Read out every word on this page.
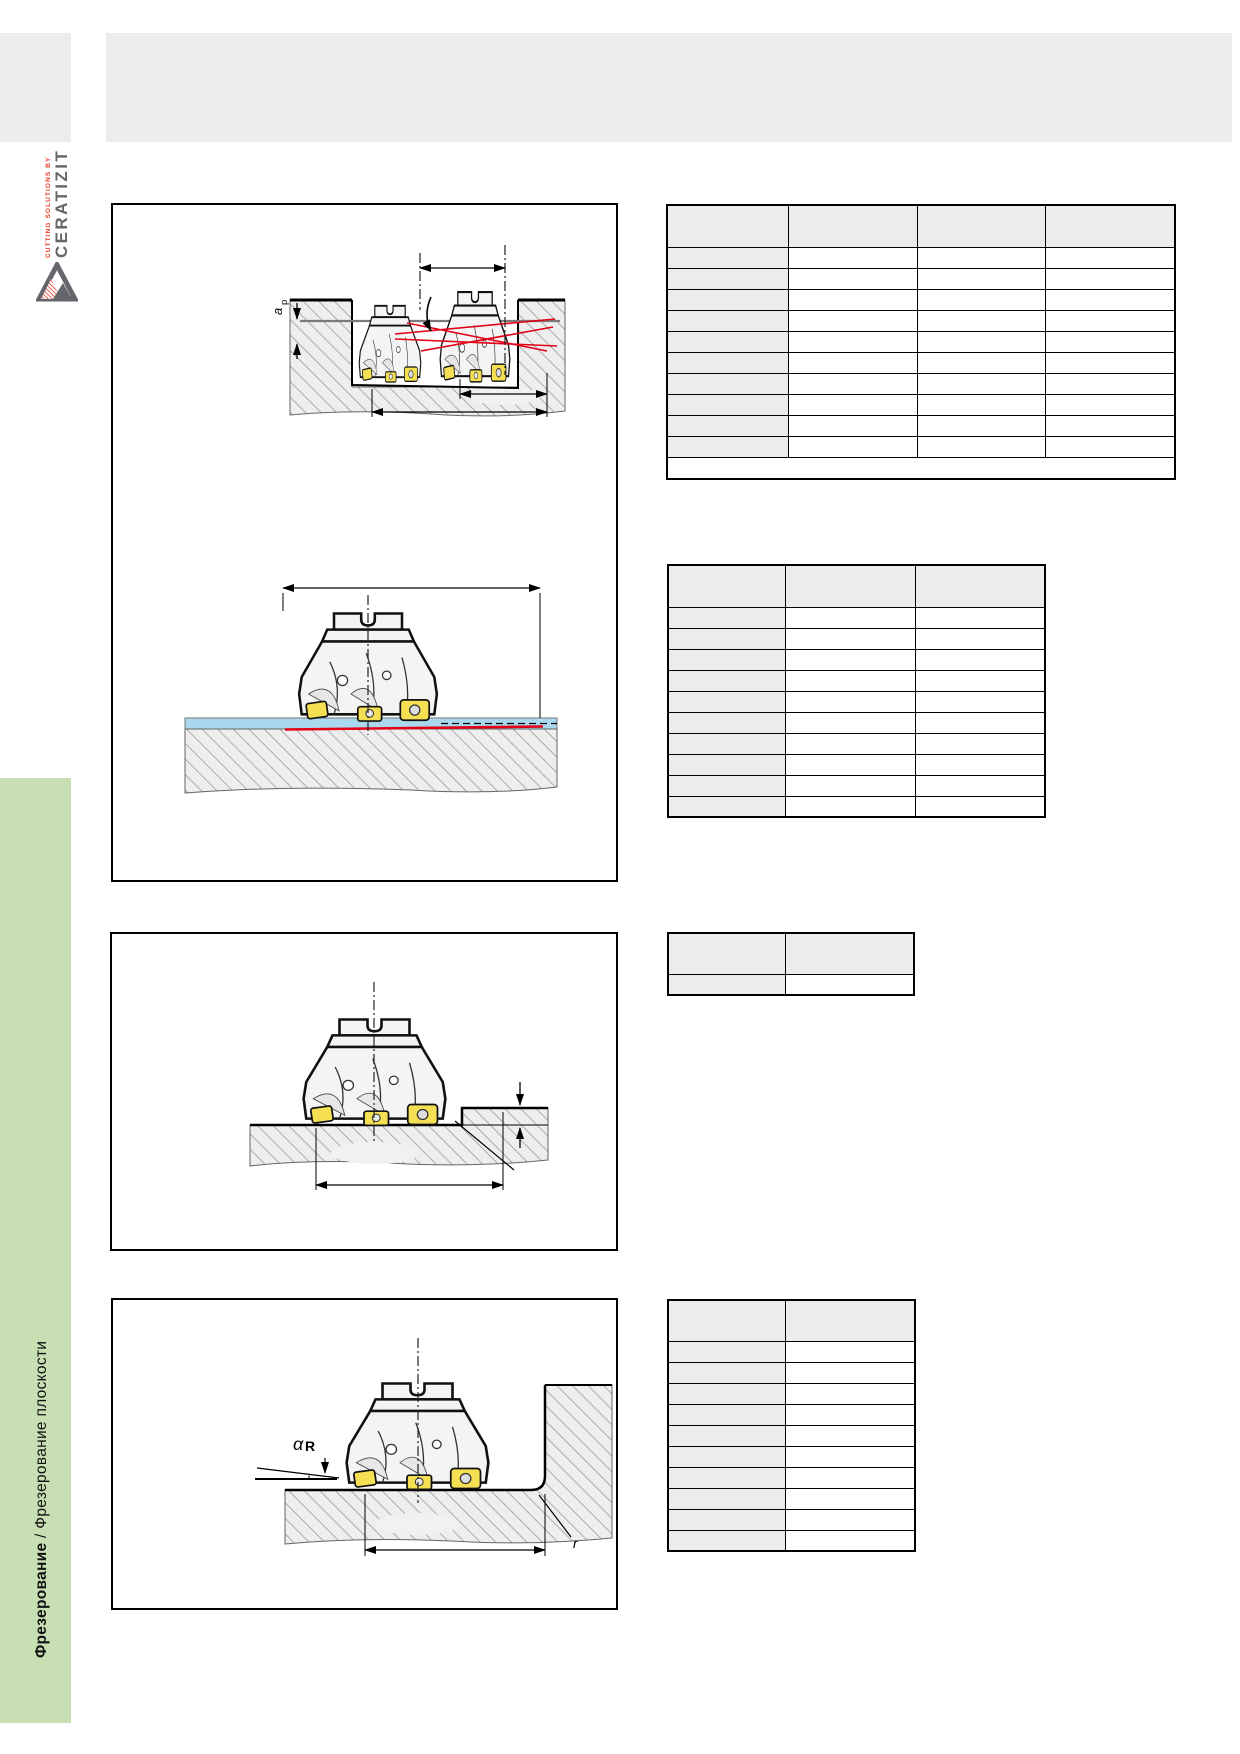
CUTTING SOLUTIONS BY CERATIZIT
Фрезерование / Фрезерование плоскости
a
p
α R
r
